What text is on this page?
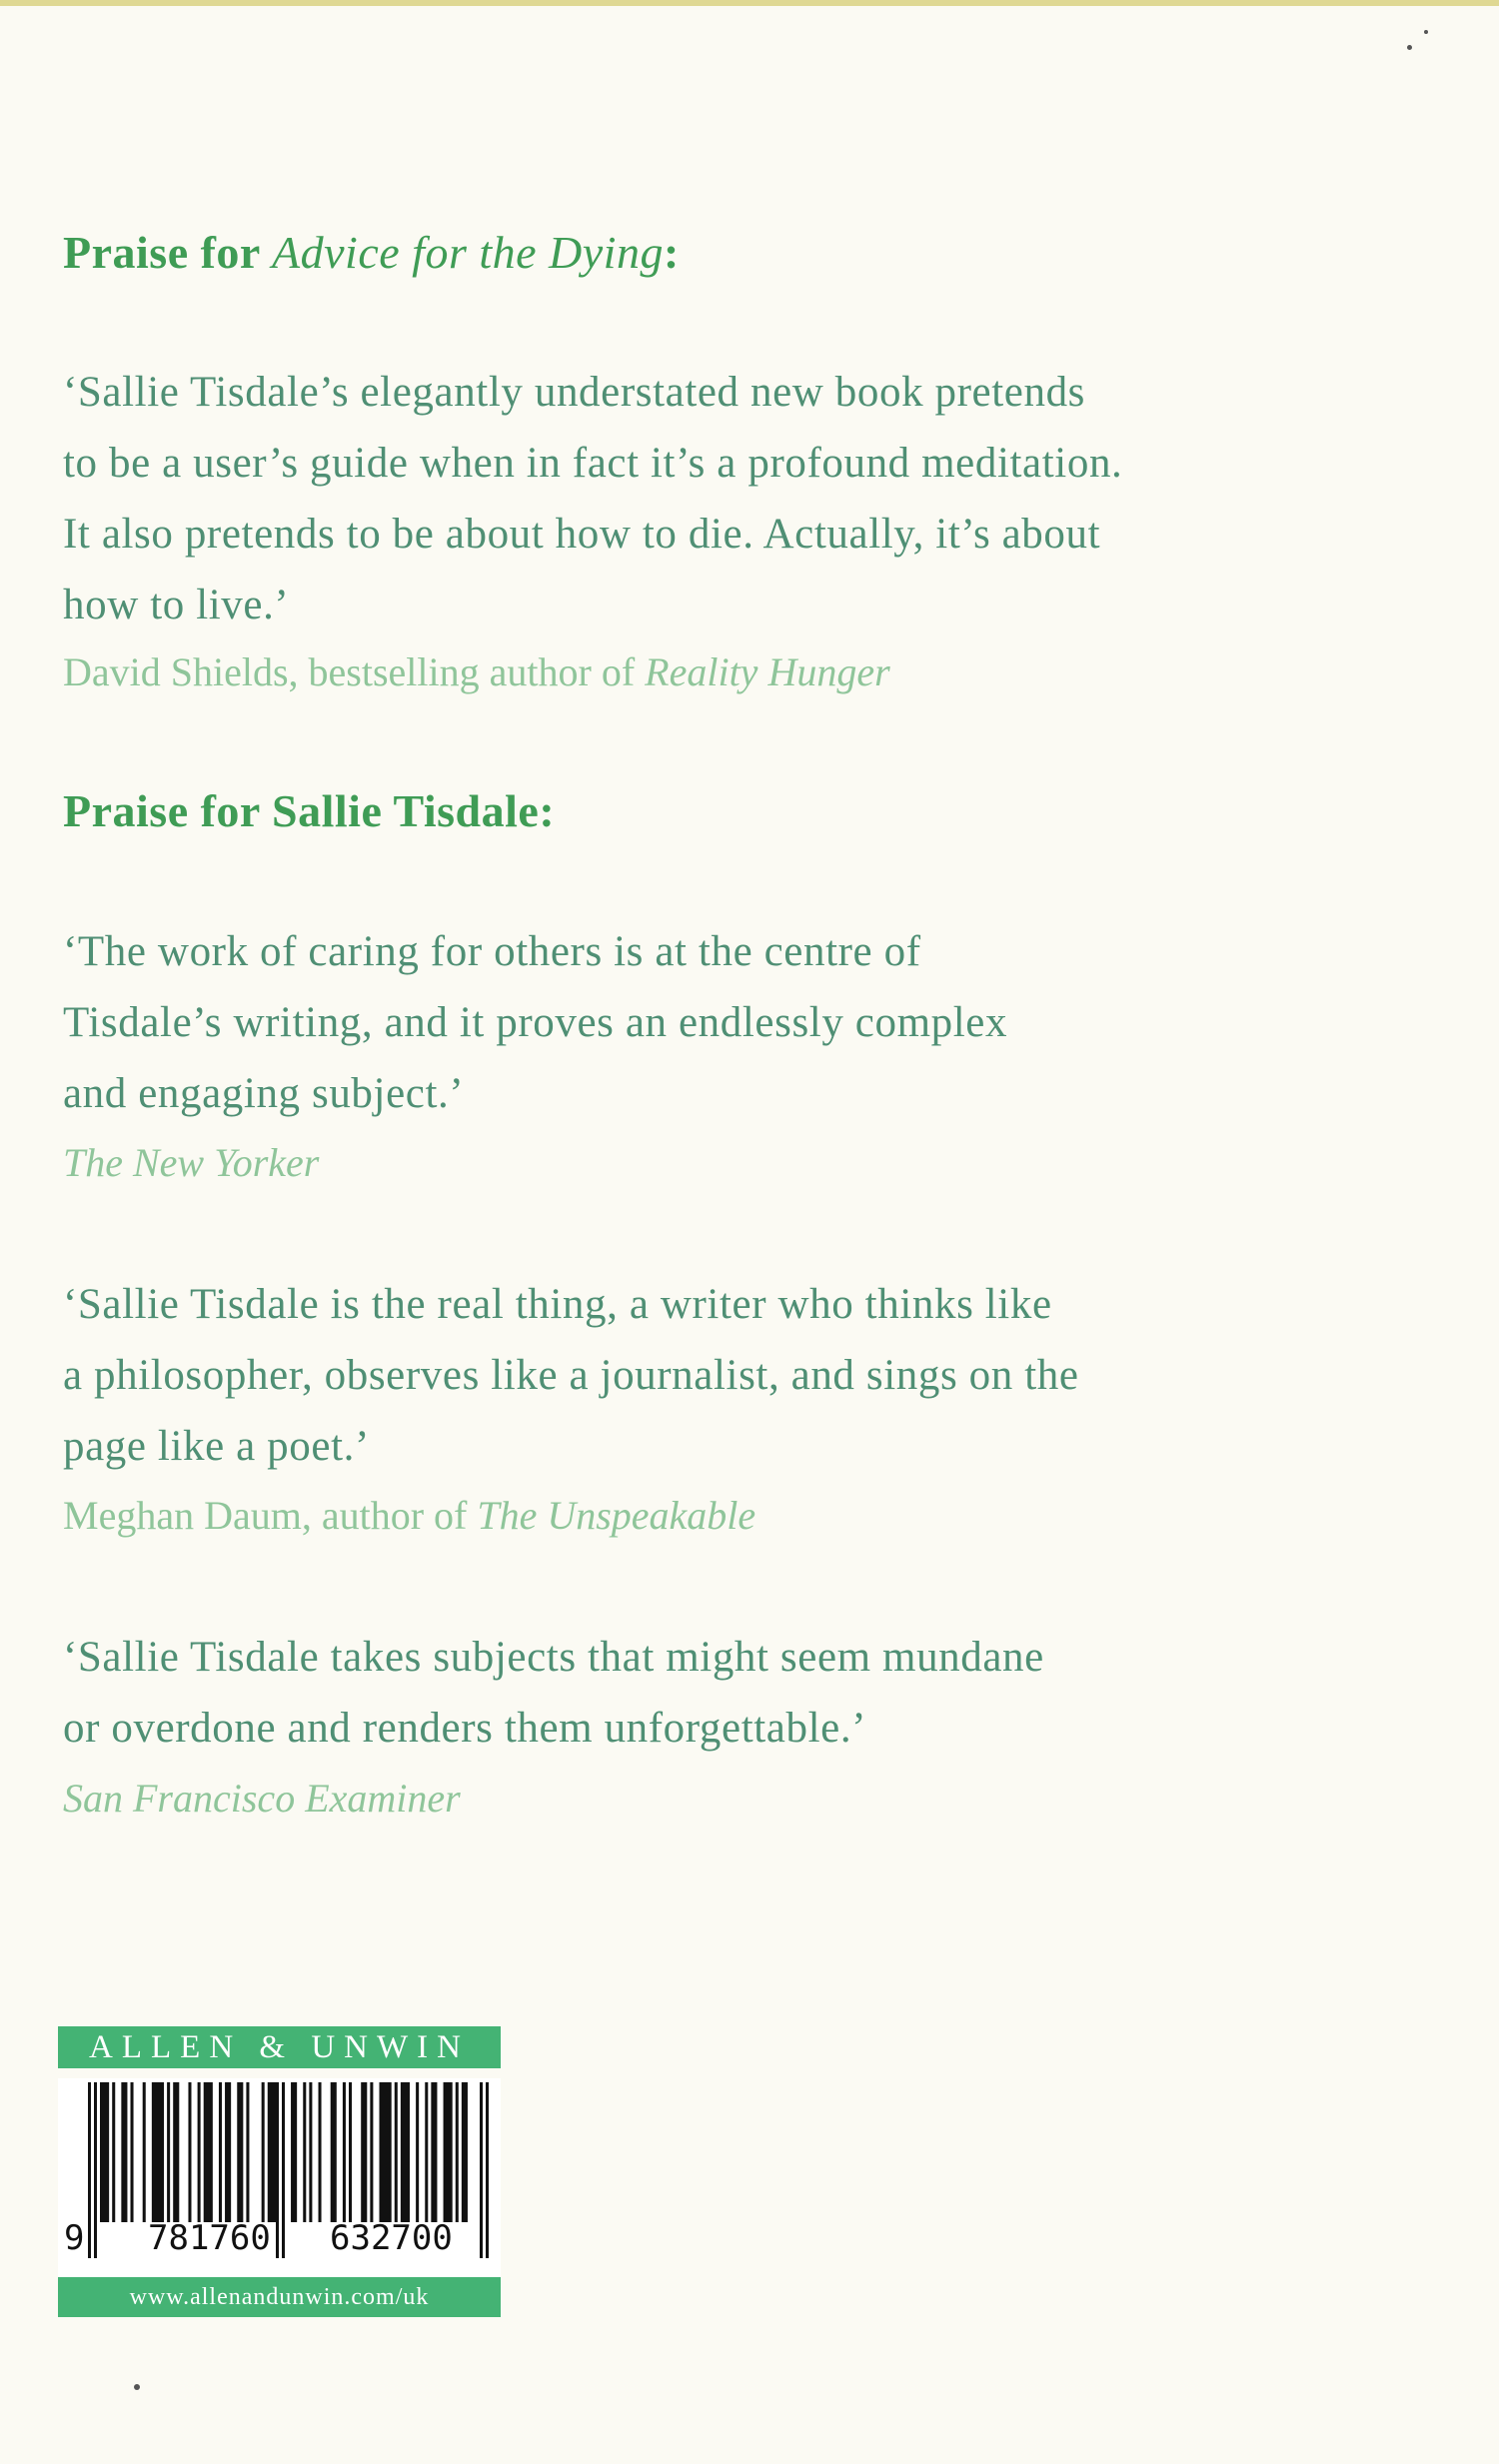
Praise for Advice for the Dying:
‘Sallie Tisdale’s elegantly understated new book pretends
to be a user’s guide when in fact it’s a profound meditation.
It also pretends to be about how to die. Actually, it’s about
how to live.’
David Shields, bestselling author of Reality Hunger
Praise for Sallie Tisdale:
‘The work of caring for others is at the centre of
Tisdale’s writing, and it proves an endlessly complex
and engaging subject.’
The New Yorker
‘Sallie Tisdale is the real thing, a writer who thinks like
a philosopher, observes like a journalist, and sings on the
page like a poet.’
Meghan Daum, author of The Unspeakable
‘Sallie Tisdale takes subjects that might seem mundane
or overdone and renders them unforgettable.’
San Francisco Examiner
ALLEN & UNWIN
9 781760 632700
www.allenandunwin.com/uk
